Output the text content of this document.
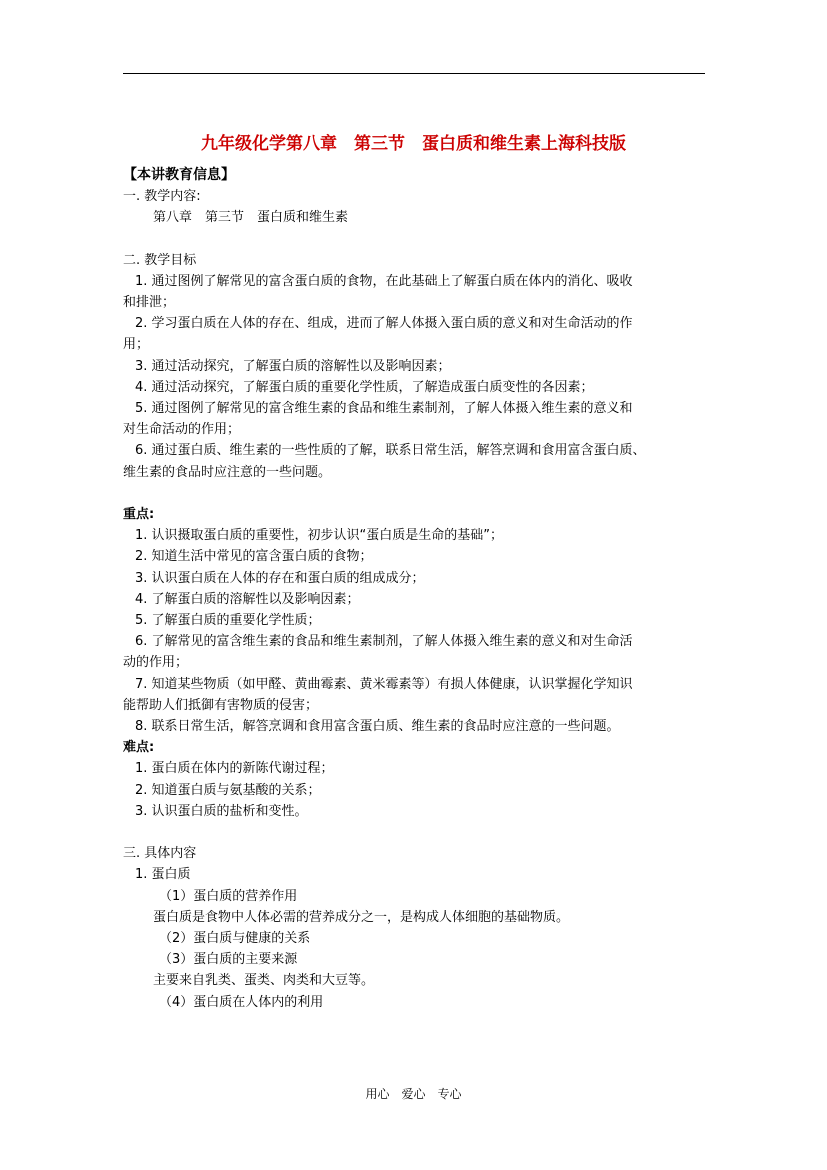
九年级化学第八章　第三节　蛋白质和维生素上海科技版
【本讲教育信息】
一. 教学内容:
第八章　第三节　蛋白质和维生素
二. 教学目标
1. 通过图例了解常见的富含蛋白质的食物，在此基础上了解蛋白质在体内的消化、吸收
和排泄；
2. 学习蛋白质在人体的存在、组成，进而了解人体摄入蛋白质的意义和对生命活动的作
用；
3. 通过活动探究，了解蛋白质的溶解性以及影响因素；
4. 通过活动探究，了解蛋白质的重要化学性质，了解造成蛋白质变性的各因素；
5. 通过图例了解常见的富含维生素的食品和维生素制剂，了解人体摄入维生素的意义和
对生命活动的作用；
6. 通过蛋白质、维生素的一些性质的了解，联系日常生活，解答烹调和食用富含蛋白质、
维生素的食品时应注意的一些问题。
重点:
1. 认识摄取蛋白质的重要性，初步认识“蛋白质是生命的基础”；
2. 知道生活中常见的富含蛋白质的食物；
3. 认识蛋白质在人体的存在和蛋白质的组成成分；
4. 了解蛋白质的溶解性以及影响因素；
5. 了解蛋白质的重要化学性质；
6. 了解常见的富含维生素的食品和维生素制剂，了解人体摄入维生素的意义和对生命活
动的作用；
7. 知道某些物质（如甲醛、黄曲霉素、黄米霉素等）有损人体健康，认识掌握化学知识
能帮助人们抵御有害物质的侵害；
8. 联系日常生活，解答烹调和食用富含蛋白质、维生素的食品时应注意的一些问题。
难点:
1. 蛋白质在体内的新陈代谢过程；
2. 知道蛋白质与氨基酸的关系；
3. 认识蛋白质的盐析和变性。
三. 具体内容
1. 蛋白质
（1）蛋白质的营养作用
蛋白质是食物中人体必需的营养成分之一，是构成人体细胞的基础物质。
（2）蛋白质与健康的关系
（3）蛋白质的主要来源
主要来自乳类、蛋类、肉类和大豆等。
（4）蛋白质在人体内的利用
用心　爱心　专心
